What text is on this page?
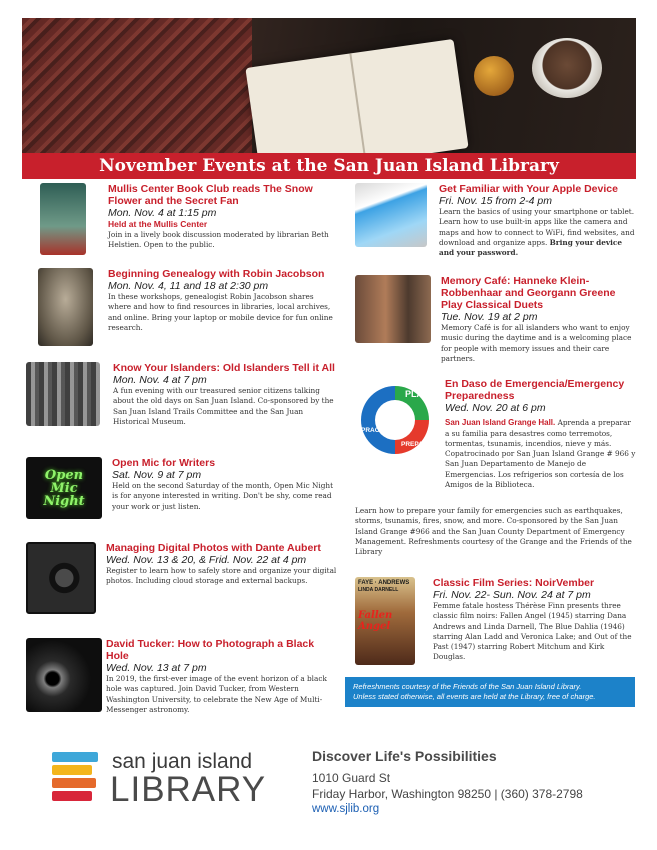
November Events at the San Juan Island Library
Mullis Center Book Club reads The Snow Flower and the Secret Fan
Mon. Nov. 4 at 1:15 pm
Held at the Mullis Center
Join in a lively book discussion moderated by librarian Beth Helstien. Open to the public.
Beginning Genealogy with Robin Jacobson
Mon. Nov. 4, 11 and 18 at 2:30 pm
In these workshops, genealogist Robin Jacobson shares where and how to find resources in libraries, local archives, and online. Bring your laptop or mobile device for fun online research.
Know Your Islanders: Old Islanders Tell it All
Mon. Nov. 4 at 7 pm
A fun evening with our treasured senior citizens talking about the old days on San Juan Island. Co-sponsored by the San Juan Island Trails Committee and the San Juan Historical Museum.
Open Mic Night
Open Mic for Writers
Sat. Nov. 9 at 7 pm
Held on the second Saturday of the month, Open Mic Night is for anyone interested in writing. Don't be shy, come read your work or just listen.
Managing Digital Photos with Dante Aubert
Wed. Nov. 13 & 20, & Frid. Nov. 22 at 4 pm
Register to learn how to safely store and organize your digital photos. Including cloud storage and external backups.
David Tucker: How to Photograph a Black Hole
Wed. Nov. 13 at 7 pm
In 2019, the first-ever image of the event horizon of a black hole was captured. Join David Tucker, from Western Washington University, to celebrate the New Age of Multi-Messenger astronomy.
Get Familiar with Your Apple Device
Fri. Nov. 15 from 2-4 pm
Learn the basics of using your smartphone or tablet. Learn how to use built-in apps like the camera and maps and how to connect to WiFi, find websites, and download and organize apps. Bring your device and your password.
Memory Café: Hanneke Klein-Robbenhaar and Georgann Greene Play Classical Duets
Tue. Nov. 19 at 2 pm
Memory Café is for all islanders who want to enjoy music during the daytime and is a welcoming place for people with memory issues and their care partners.
PLAN
PRACTICE
PREPARE
En Daso de Emergencia/Emergency Preparedness
Wed. Nov. 20 at 6 pm
San Juan Island Grange Hall. Aprenda a preparar a su familia para desastres como terremotos, tormentas, tsunamis, incendios, nieve y más. Copatrocinado por San Juan Island Grange # 966 y San Juan Departamento de Manejo de Emergencias. Los refrigerios son cortesía de los Amigos de la Biblioteca.
Learn how to prepare your family for emergencies such as earthquakes, storms, tsunamis, fires, snow, and more. Co-sponsored by the San Juan Island Grange #966 and the San Juan County Department of Emergency Management. Refreshments courtesy of the Grange and the Friends of the Library
FAYE · ANDREWS
LINDA DARNELL
Fallen Angel
Classic Film Series: NoirVember
Fri. Nov. 22- Sun. Nov. 24 at 7 pm
Femme fatale hostess Thérèse Finn presents three classic film noirs: Fallen Angel (1945) starring Dana Andrews and Linda Darnell, The Blue Dahlia (1946) starring Alan Ladd and Veronica Lake; and Out of the Past (1947) starring Robert Mitchum and Kirk Douglas.
Refreshments courtesy of the Friends of the San Juan Island Library.
Unless stated otherwise, all events are held at the Library, free of charge.
san juan island
LIBRARY
Discover Life's Possibilities
1010 Guard St
Friday Harbor, Washington 98250 | (360) 378-2798
www.sjlib.org
